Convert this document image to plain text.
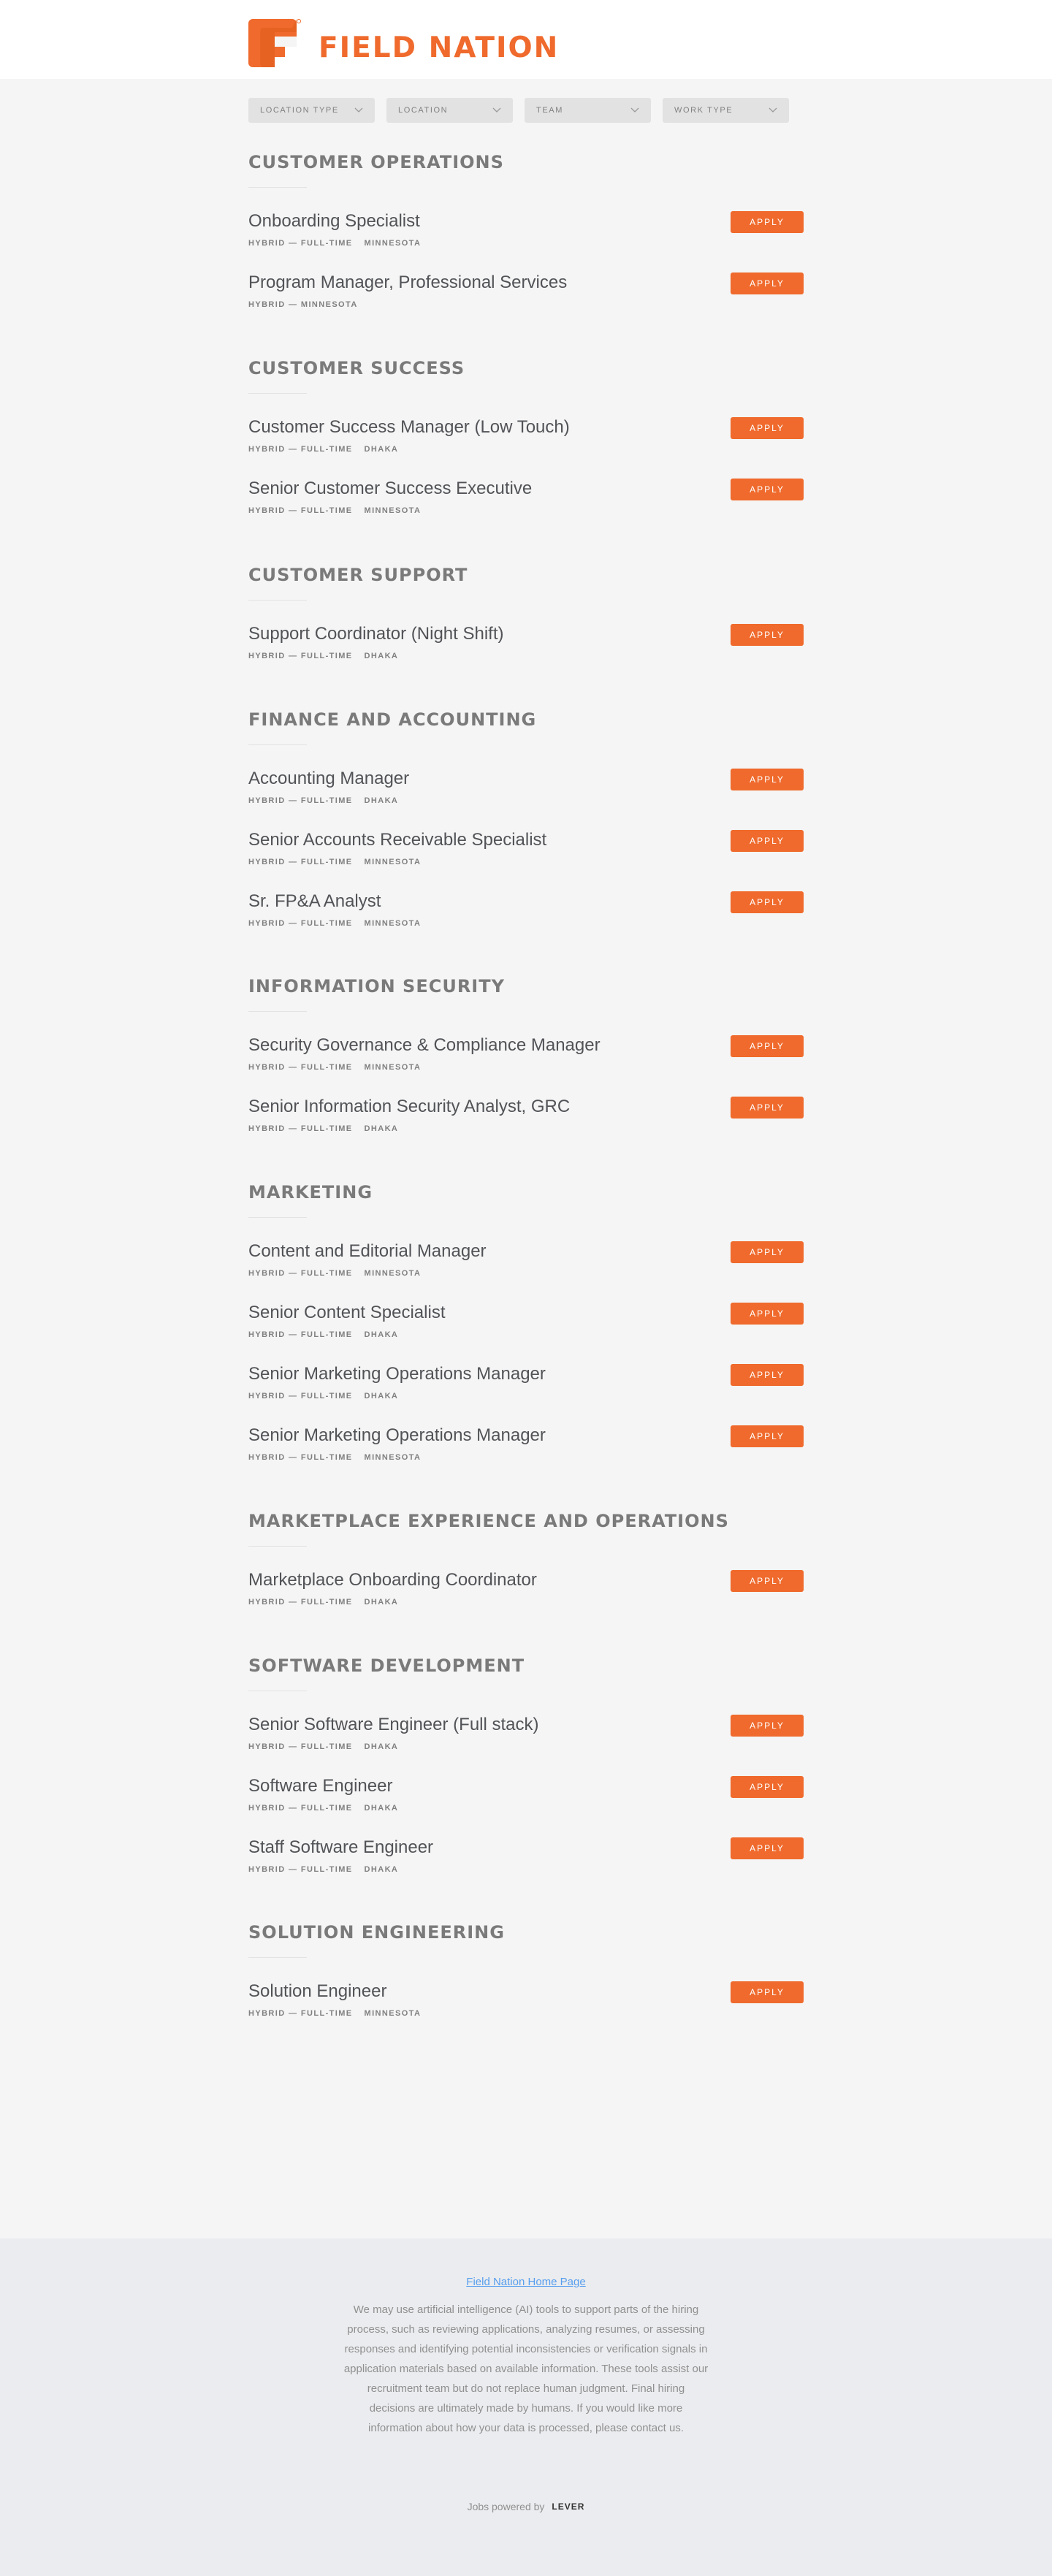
FIELD NATION
LOCATION TYPE	LOCATION	TEAM	WORK TYPE
CUSTOMER OPERATIONS
Onboarding Specialist
HYBRID — FULL-TIME MINNESOTA
APPLY
Program Manager, Professional Services
HYBRID — MINNESOTA
APPLY
CUSTOMER SUCCESS
Customer Success Manager (Low Touch)
HYBRID — FULL-TIME DHAKA
APPLY
Senior Customer Success Executive
HYBRID — FULL-TIME MINNESOTA
APPLY
CUSTOMER SUPPORT
Support Coordinator (Night Shift)
HYBRID — FULL-TIME DHAKA
APPLY
FINANCE AND ACCOUNTING
Accounting Manager
HYBRID — FULL-TIME DHAKA
APPLY
Senior Accounts Receivable Specialist
HYBRID — FULL-TIME MINNESOTA
APPLY
Sr. FP&A Analyst
HYBRID — FULL-TIME MINNESOTA
APPLY
INFORMATION SECURITY
Security Governance & Compliance Manager
HYBRID — FULL-TIME MINNESOTA
APPLY
Senior Information Security Analyst, GRC
HYBRID — FULL-TIME DHAKA
APPLY
MARKETING
Content and Editorial Manager
HYBRID — FULL-TIME MINNESOTA
APPLY
Senior Content Specialist
HYBRID — FULL-TIME DHAKA
APPLY
Senior Marketing Operations Manager
HYBRID — FULL-TIME DHAKA
APPLY
Senior Marketing Operations Manager
HYBRID — FULL-TIME MINNESOTA
APPLY
MARKETPLACE EXPERIENCE AND OPERATIONS
Marketplace Onboarding Coordinator
HYBRID — FULL-TIME DHAKA
APPLY
SOFTWARE DEVELOPMENT
Senior Software Engineer (Full stack)
HYBRID — FULL-TIME DHAKA
APPLY
Software Engineer
HYBRID — FULL-TIME DHAKA
APPLY
Staff Software Engineer
HYBRID — FULL-TIME DHAKA
APPLY
SOLUTION ENGINEERING
Solution Engineer
HYBRID — FULL-TIME MINNESOTA
APPLY
Field Nation Home Page
We may use artificial intelligence (AI) tools to support parts of the hiring process, such as reviewing applications, analyzing resumes, or assessing responses and identifying potential inconsistencies or verification signals in application materials based on available information. These tools assist our recruitment team but do not replace human judgment. Final hiring decisions are ultimately made by humans. If you would like more information about how your data is processed, please contact us.
Jobs powered by LEVER
